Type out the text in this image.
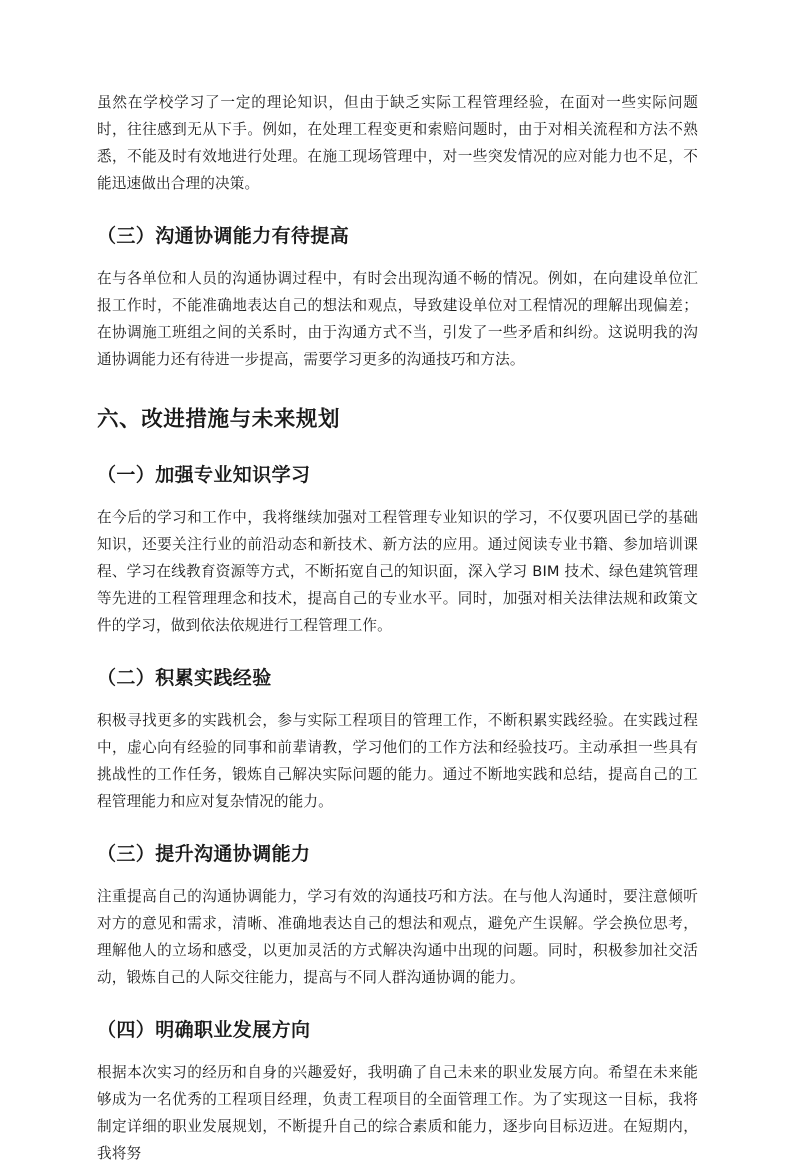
虽然在学校学习了一定的理论知识，但由于缺乏实际工程管理经验，在面对一些实际问题时，往往感到无从下手。例如，在处理工程变更和索赔问题时，由于对相关流程和方法不熟悉，不能及时有效地进行处理。在施工现场管理中，对一些突发情况的应对能力也不足，不能迅速做出合理的决策。

（三）沟通协调能力有待提高

在与各单位和人员的沟通协调过程中，有时会出现沟通不畅的情况。例如，在向建设单位汇报工作时，不能准确地表达自己的想法和观点，导致建设单位对工程情况的理解出现偏差；在协调施工班组之间的关系时，由于沟通方式不当，引发了一些矛盾和纠纷。这说明我的沟通协调能力还有待进一步提高，需要学习更多的沟通技巧和方法。

六、改进措施与未来规划
（一）加强专业知识学习

在今后的学习和工作中，我将继续加强对工程管理专业知识的学习，不仅要巩固已学的基础知识，还要关注行业的前沿动态和新技术、新方法的应用。通过阅读专业书籍、参加培训课程、学习在线教育资源等方式，不断拓宽自己的知识面，深入学习 BIM 技术、绿色建筑管理等先进的工程管理理念和技术，提高自己的专业水平。同时，加强对相关法律法规和政策文件的学习，做到依法依规进行工程管理工作。

（二）积累实践经验

积极寻找更多的实践机会，参与实际工程项目的管理工作，不断积累实践经验。在实践过程中，虚心向有经验的同事和前辈请教，学习他们的工作方法和经验技巧。主动承担一些具有挑战性的工作任务，锻炼自己解决实际问题的能力。通过不断地实践和总结，提高自己的工程管理能力和应对复杂情况的能力。

（三）提升沟通协调能力

注重提高自己的沟通协调能力，学习有效的沟通技巧和方法。在与他人沟通时，要注意倾听对方的意见和需求，清晰、准确地表达自己的想法和观点，避免产生误解。学会换位思考，理解他人的立场和感受，以更加灵活的方式解决沟通中出现的问题。同时，积极参加社交活动，锻炼自己的人际交往能力，提高与不同人群沟通协调的能力。

（四）明确职业发展方向

根据本次实习的经历和自身的兴趣爱好，我明确了自己未来的职业发展方向。希望在未来能够成为一名优秀的工程项目经理，负责工程项目的全面管理工作。为了实现这一目标，我将制定详细的职业发展规划，不断提升自己的综合素质和能力，逐步向目标迈进。在短期内，我将努
